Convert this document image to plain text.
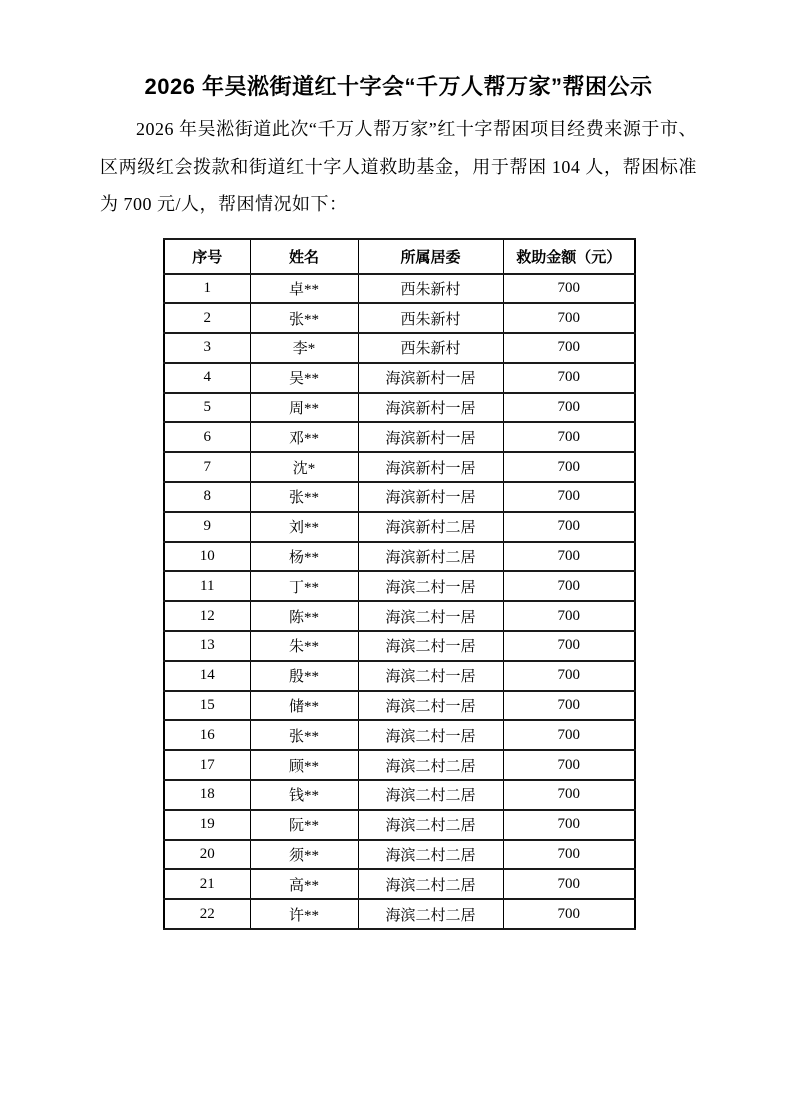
2026 年吴淞街道红十字会“千万人帮万家”帮困公示

2026 年吴淞街道此次“千万人帮万家”红十字帮困项目经费来源于市、区两级红会拨款和街道红十字人道救助基金，用于帮困 104 人，帮困标准为 700 元/人，帮困情况如下：

序号	姓名	所属居委	救助金额（元）
1	卓**	西朱新村	700
2	张**	西朱新村	700
3	李*	西朱新村	700
4	吴**	海滨新村一居	700
5	周**	海滨新村一居	700
6	邓**	海滨新村一居	700
7	沈*	海滨新村一居	700
8	张**	海滨新村一居	700
9	刘**	海滨新村二居	700
10	杨**	海滨新村二居	700
11	丁**	海滨二村一居	700
12	陈**	海滨二村一居	700
13	朱**	海滨二村一居	700
14	殷**	海滨二村一居	700
15	储**	海滨二村一居	700
16	张**	海滨二村一居	700
17	顾**	海滨二村二居	700
18	钱**	海滨二村二居	700
19	阮**	海滨二村二居	700
20	须**	海滨二村二居	700
21	高**	海滨二村二居	700
22	许**	海滨二村二居	700
